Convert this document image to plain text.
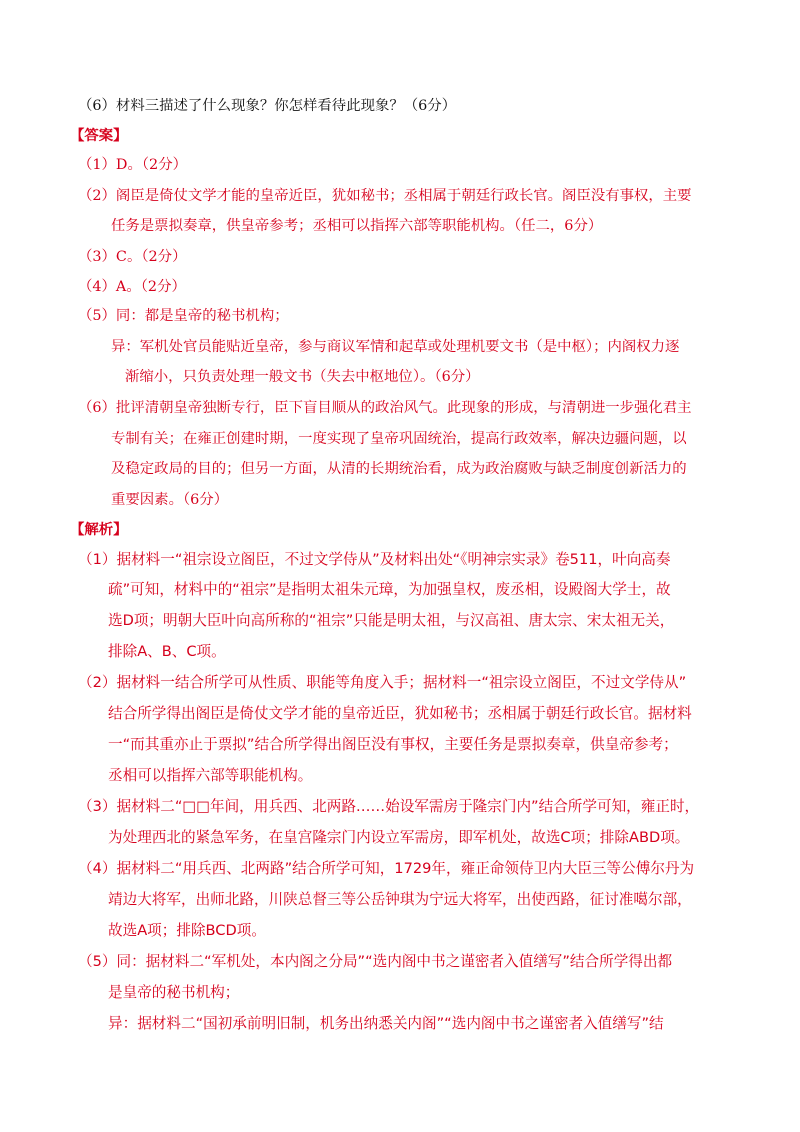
（6）材料三描述了什么现象？你怎样看待此现象？（6分）
【答案】
（1）D。（2分）
（2）阁臣是倚仗文学才能的皇帝近臣，犹如秘书；丞相属于朝廷行政长官。阁臣没有事权，主要
任务是票拟奏章，供皇帝参考；丞相可以指挥六部等职能机构。（任二，6分）
（3）C。（2分）
（4）A。（2分）
（5）同：都是皇帝的秘书机构；
异：军机处官员能贴近皇帝，参与商议军情和起草或处理机要文书（是中枢）；内阁权力逐
渐缩小，只负责处理一般文书（失去中枢地位）。（6分）
（6）批评清朝皇帝独断专行，臣下盲目顺从的政治风气。此现象的形成，与清朝进一步强化君主
专制有关；在雍正创建时期，一度实现了皇帝巩固统治，提高行政效率，解决边疆问题，以
及稳定政局的目的；但另一方面，从清的长期统治看，成为政治腐败与缺乏制度创新活力的
重要因素。（6分）
【解析】
（1）据材料一“祖宗设立阁臣，不过文学侍从”及材料出处“《明神宗实录》卷511，叶向高奏
疏”可知，材料中的“祖宗”是指明太祖朱元璋，为加强皇权，废丞相，设殿阁大学士，故
选D项；明朝大臣叶向高所称的“祖宗”只能是明太祖，与汉高祖、唐太宗、宋太祖无关，
排除A、B、C项。
（2）据材料一结合所学可从性质、职能等角度入手；据材料一“祖宗设立阁臣，不过文学侍从”
结合所学得出阁臣是倚仗文学才能的皇帝近臣，犹如秘书；丞相属于朝廷行政长官。据材料
一“而其重亦止于票拟”结合所学得出阁臣没有事权，主要任务是票拟奏章，供皇帝参考；
丞相可以指挥六部等职能机构。
（3）据材料二“□□年间，用兵西、北两路……始设军需房于隆宗门内”结合所学可知，雍正时，
为处理西北的紧急军务，在皇宫隆宗门内设立军需房，即军机处，故选C项；排除ABD项。
（4）据材料二“用兵西、北两路”结合所学可知，1729年，雍正命领侍卫内大臣三等公傅尔丹为
靖边大将军，出师北路，川陕总督三等公岳钟琪为宁远大将军，出使西路，征讨准噶尔部，
故选A项；排除BCD项。
（5）同：据材料二“军机处，本内阁之分局”“选内阁中书之谨密者入值缮写”结合所学得出都
是皇帝的秘书机构；
异：据材料二“国初承前明旧制，机务出纳悉关内阁”“选内阁中书之谨密者入值缮写”结
